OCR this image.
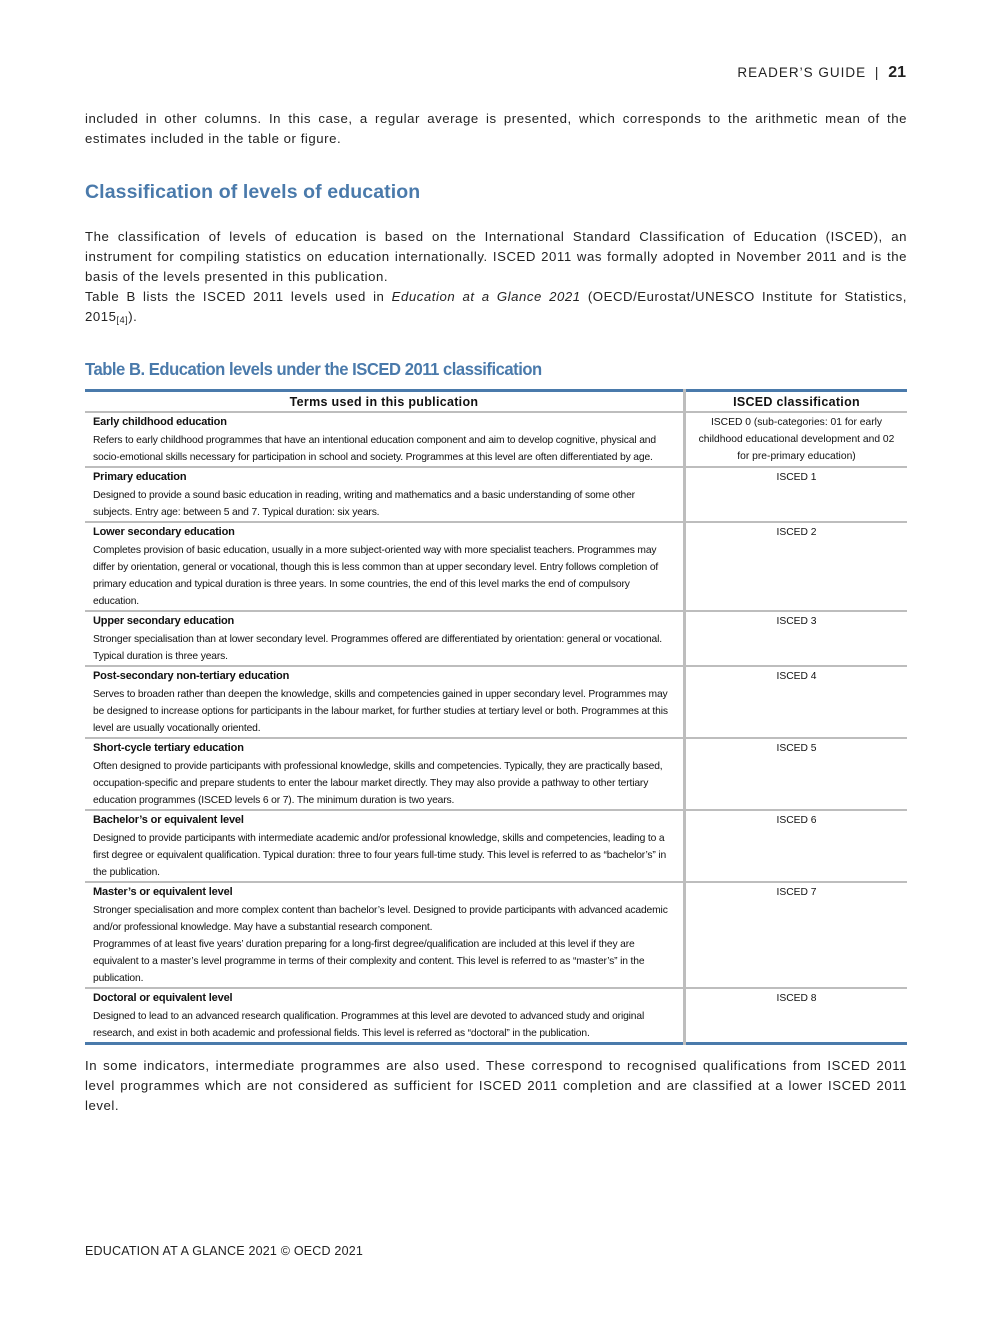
READER’S GUIDE | 21

included in other columns. In this case, a regular average is presented, which corresponds to the arithmetic mean of the estimates included in the table or figure.

Classification of levels of education

The classification of levels of education is based on the International Standard Classification of Education (ISCED), an instrument for compiling statistics on education internationally. ISCED 2011 was formally adopted in November 2011 and is the basis of the levels presented in this publication.

Table B lists the ISCED 2011 levels used in Education at a Glance 2021 (OECD/Eurostat/UNESCO Institute for Statistics, 2015[4]).

Table B. Education levels under the ISCED 2011 classification
Terms used in this publication	ISCED classification

Early childhood education
Refers to early childhood programmes that have an intentional education component and aim to develop cognitive, physical and socio-emotional skills necessary for participation in school and society. Programmes at this level are often differentiated by age.	ISCED 0 (sub-categories: 01 for early childhood educational development and 02 for pre-primary education)

Primary education
Designed to provide a sound basic education in reading, writing and mathematics and a basic understanding of some other subjects. Entry age: between 5 and 7. Typical duration: six years.	ISCED 1

Lower secondary education
Completes provision of basic education, usually in a more subject-oriented way with more specialist teachers. Programmes may differ by orientation, general or vocational, though this is less common than at upper secondary level. Entry follows completion of primary education and typical duration is three years. In some countries, the end of this level marks the end of compulsory education.	ISCED 2

Upper secondary education
Stronger specialisation than at lower secondary level. Programmes offered are differentiated by orientation: general or vocational. Typical duration is three years.	ISCED 3

Post-secondary non-tertiary education
Serves to broaden rather than deepen the knowledge, skills and competencies gained in upper secondary level. Programmes may be designed to increase options for participants in the labour market, for further studies at tertiary level or both. Programmes at this level are usually vocationally oriented.	ISCED 4

Short-cycle tertiary education
Often designed to provide participants with professional knowledge, skills and competencies. Typically, they are practically based, occupation-specific and prepare students to enter the labour market directly. They may also provide a pathway to other tertiary education programmes (ISCED levels 6 or 7). The minimum duration is two years.	ISCED 5

Bachelor’s or equivalent level
Designed to provide participants with intermediate academic and/or professional knowledge, skills and competencies, leading to a first degree or equivalent qualification. Typical duration: three to four years full-time study. This level is referred to as “bachelor’s” in the publication.	ISCED 6

Master’s or equivalent level
Stronger specialisation and more complex content than bachelor’s level. Designed to provide participants with advanced academic and/or professional knowledge. May have a substantial research component.
Programmes of at least five years’ duration preparing for a long-first degree/qualification are included at this level if they are equivalent to a master’s level programme in terms of their complexity and content. This level is referred to as “master’s” in the publication.	ISCED 7

Doctoral or equivalent level
Designed to lead to an advanced research qualification. Programmes at this level are devoted to advanced study and original research, and exist in both academic and professional fields. This level is referred as “doctoral” in the publication.	ISCED 8

In some indicators, intermediate programmes are also used. These correspond to recognised qualifications from ISCED 2011 level programmes which are not considered as sufficient for ISCED 2011 completion and are classified at a lower ISCED 2011 level.

EDUCATION AT A GLANCE 2021 © OECD 2021
